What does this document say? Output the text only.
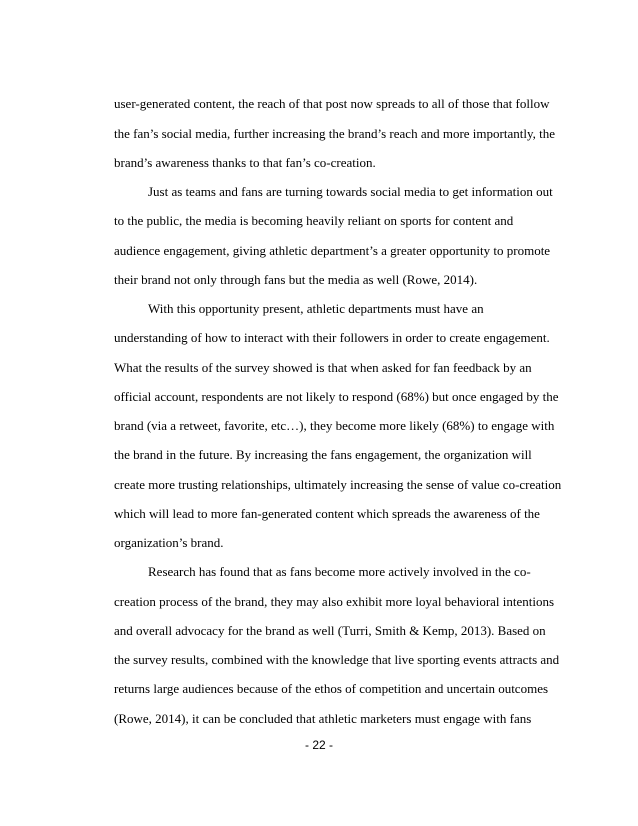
user-generated content, the reach of that post now spreads to all of those that follow
the fan’s social media, further increasing the brand’s reach and more importantly, the
brand’s awareness thanks to that fan’s co-creation.
Just as teams and fans are turning towards social media to get information out
to the public, the media is becoming heavily reliant on sports for content and
audience engagement, giving athletic department’s a greater opportunity to promote
their brand not only through fans but the media as well (Rowe, 2014).
With this opportunity present, athletic departments must have an
understanding of how to interact with their followers in order to create engagement.
What the results of the survey showed is that when asked for fan feedback by an
official account, respondents are not likely to respond (68%) but once engaged by the
brand (via a retweet, favorite, etc…), they become more likely (68%) to engage with
the brand in the future. By increasing the fans engagement, the organization will
create more trusting relationships, ultimately increasing the sense of value co-creation
which will lead to more fan-generated content which spreads the awareness of the
organization’s brand.
Research has found that as fans become more actively involved in the co-
creation process of the brand, they may also exhibit more loyal behavioral intentions
and overall advocacy for the brand as well (Turri, Smith & Kemp, 2013). Based on
the survey results, combined with the knowledge that live sporting events attracts and
returns large audiences because of the ethos of competition and uncertain outcomes
(Rowe, 2014), it can be concluded that athletic marketers must engage with fans
- 22 -
